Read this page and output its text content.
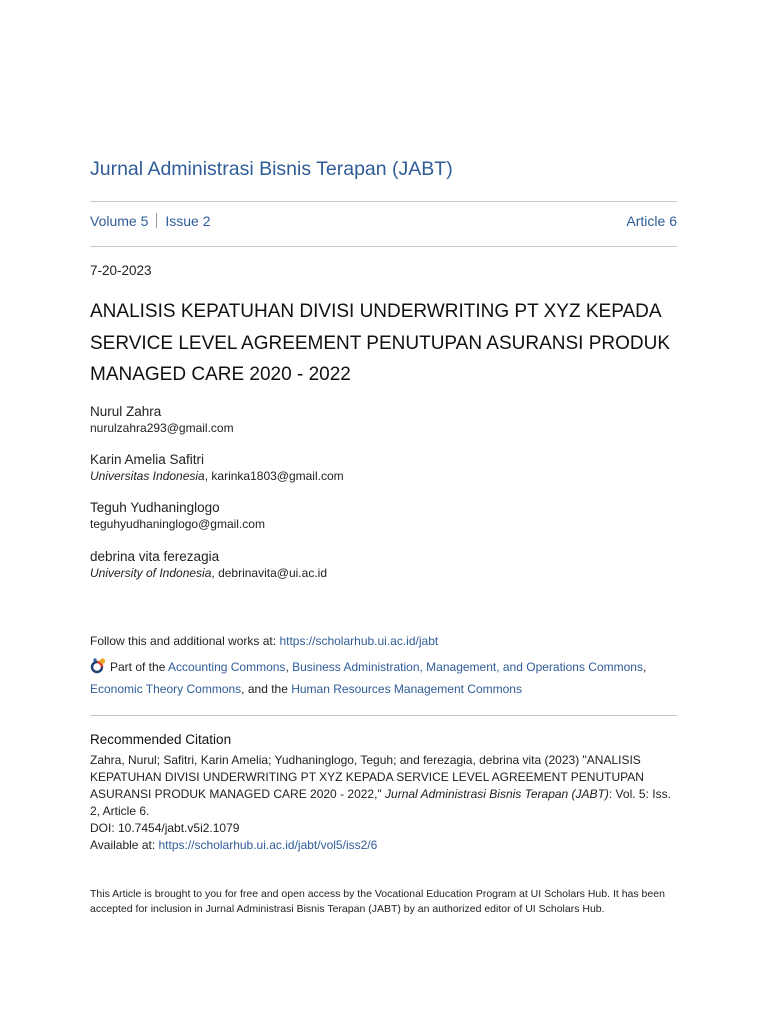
Jurnal Administrasi Bisnis Terapan (JABT)
Volume 5 Issue 2	Article 6
7-20-2023
ANALISIS KEPATUHAN DIVISI UNDERWRITING PT XYZ KEPADA SERVICE LEVEL AGREEMENT PENUTUPAN ASURANSI PRODUK MANAGED CARE 2020 - 2022
Nurul Zahra
nurulzahra293@gmail.com
Karin Amelia Safitri
Universitas Indonesia, karinka1803@gmail.com
Teguh Yudhaninglogo
teguhyudhaninglogo@gmail.com
debrina vita ferezagia
University of Indonesia, debrinavita@ui.ac.id
Follow this and additional works at: https://scholarhub.ui.ac.id/jabt
Part of the Accounting Commons, Business Administration, Management, and Operations Commons, Economic Theory Commons, and the Human Resources Management Commons
Recommended Citation
Zahra, Nurul; Safitri, Karin Amelia; Yudhaninglogo, Teguh; and ferezagia, debrina vita (2023) "ANALISIS KEPATUHAN DIVISI UNDERWRITING PT XYZ KEPADA SERVICE LEVEL AGREEMENT PENUTUPAN ASURANSI PRODUK MANAGED CARE 2020 - 2022," Jurnal Administrasi Bisnis Terapan (JABT): Vol. 5: Iss. 2, Article 6.
DOI: 10.7454/jabt.v5i2.1079
Available at: https://scholarhub.ui.ac.id/jabt/vol5/iss2/6
This Article is brought to you for free and open access by the Vocational Education Program at UI Scholars Hub. It has been accepted for inclusion in Jurnal Administrasi Bisnis Terapan (JABT) by an authorized editor of UI Scholars Hub.
